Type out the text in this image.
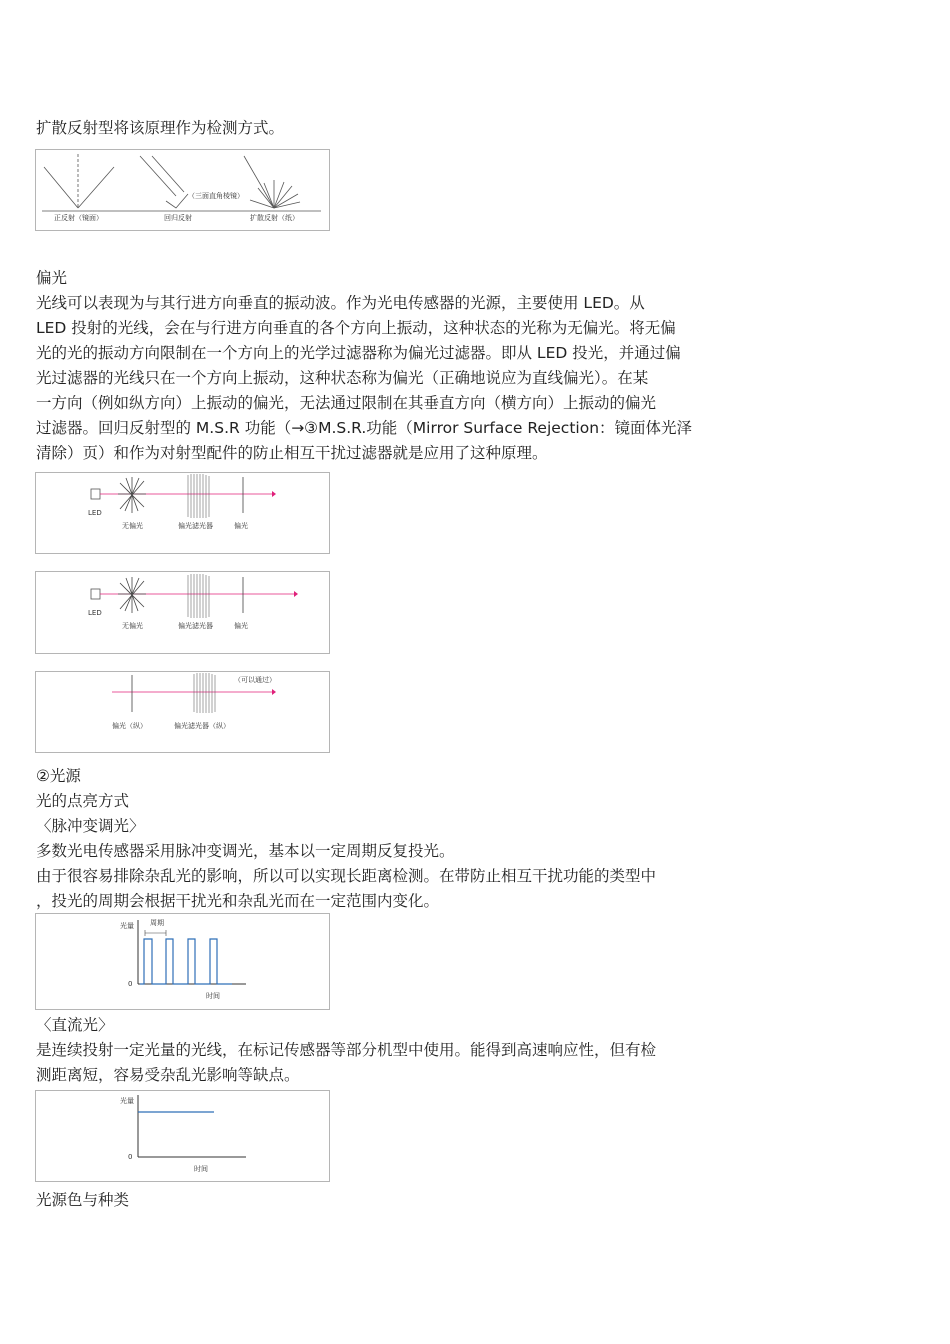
扩散反射型将该原理作为检测方式。
正反射（镜面）	回归反射
（三面直角棱镜）
扩散反射（纸）
偏光
光线可以表现为与其行进方向垂直的振动波。作为光电传感器的光源，主要使用 LED。从
LED 投射的光线，会在与行进方向垂直的各个方向上振动，这种状态的光称为无偏光。将无偏
光的光的振动方向限制在一个方向上的光学过滤器称为偏光过滤器。即从 LED 投光，并通过偏
光过滤器的光线只在一个方向上振动，这种状态称为偏光（正确地说应为直线偏光）。在某
一方向（例如纵方向）上振动的偏光，无法通过限制在其垂直方向（横方向）上振动的偏光
过滤器。回归反射型的 M.S.R 功能（→③M.S.R.功能（Mirror Surface Rejection：镜面体光泽
清除）页）和作为对射型配件的防止相互干扰过滤器就是应用了这种原理。
LED
无偏光	偏光滤光器	偏光
LED
无偏光	偏光滤光器	偏光
（可以通过）
偏光（纵）	偏光滤光器（纵）
②光源
光的点亮方式
〈脉冲变调光〉
多数光电传感器采用脉冲变调光，基本以一定周期反复投光。
由于很容易排除杂乱光的影响，所以可以实现长距离检测。在带防止相互干扰功能的类型中
，投光的周期会根据干扰光和杂乱光而在一定范围内变化。
光量 周期
0
时间
〈直流光〉
是连续投射一定光量的光线，在标记传感器等部分机型中使用。能得到高速响应性，但有检
测距离短，容易受杂乱光影响等缺点。
光量
0
时间
光源色与种类
